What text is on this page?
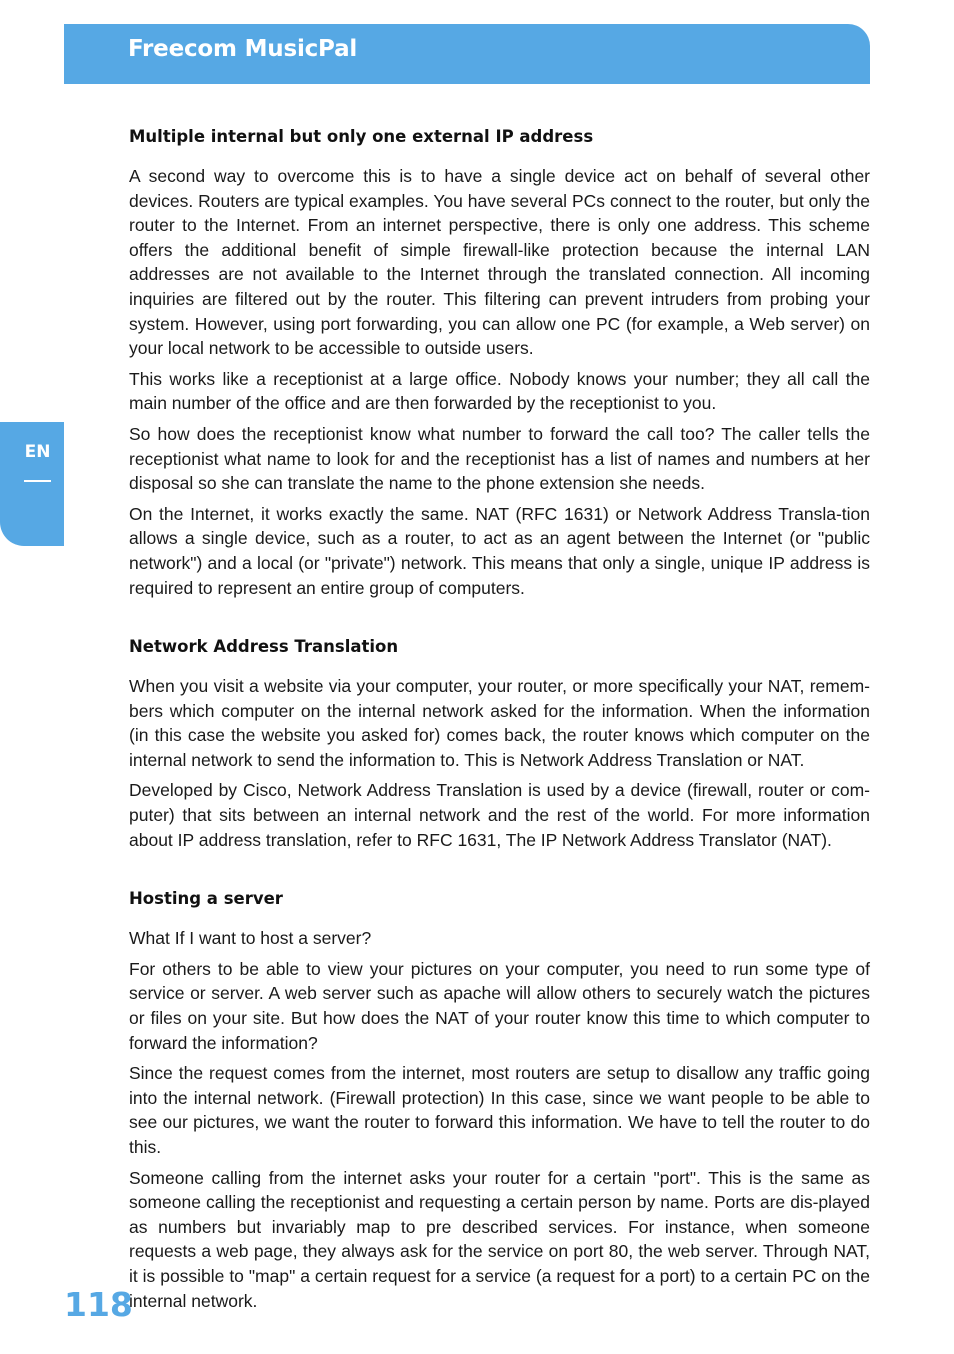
Freecom MusicPal
EN
Multiple internal but only one external IP address

A second way to overcome this is to have a single device act on behalf of several other devices. Routers are typical examples. You have several PCs connect to the router, but only the router to the Internet. From an internet perspective, there is only one address. This scheme offers the additional benefit of simple firewall-like protection because the internal LAN addresses are not available to the Internet through the translated connection. All incoming inquiries are filtered out by the router. This filtering can prevent intruders from probing your system. However, using port forwarding, you can allow one PC (for example, a Web server) on your local network to be accessible to outside users.

This works like a receptionist at a large office. Nobody knows your number; they all call the main number of the office and are then forwarded by the receptionist to you.

So how does the receptionist know what number to forward the call too? The caller tells the receptionist what name to look for and the receptionist has a list of names and numbers at her disposal so she can translate the name to the phone extension she needs.

On the Internet, it works exactly the same. NAT (RFC 1631) or Network Address Transla-tion allows a single device, such as a router, to act as an agent between the Internet (or "public network") and a local (or "private") network. This means that only a single, unique IP address is required to represent an entire group of computers.

Network Address Translation

When you visit a website via your computer, your router, or more specifically your NAT, remem-bers which computer on the internal network asked for the information. When the information (in this case the website you asked for) comes back, the router knows which computer on the internal network to send the information to. This is Network Address Translation or NAT.

Developed by Cisco, Network Address Translation is used by a device (firewall, router or com-puter) that sits between an internal network and the rest of the world. For more information about IP address translation, refer to RFC 1631, The IP Network Address Translator (NAT).

Hosting a server

What If I want to host a server?

For others to be able to view your pictures on your computer, you need to run some type of service or server. A web server such as apache will allow others to securely watch the pictures or files on your site. But how does the NAT of your router know this time to which computer to forward the information?

Since the request comes from the internet, most routers are setup to disallow any traffic going into the internal network. (Firewall protection) In this case, since we want people to be able to see our pictures, we want the router to forward this information. We have to tell the router to do this.

Someone calling from the internet asks your router for a certain "port". This is the same as someone calling the receptionist and requesting a certain person by name. Ports are dis-played as numbers but invariably map to pre described services. For instance, when someone requests a web page, they always ask for the service on port 80, the web server. Through NAT, it is possible to "map" a certain request for a service (a request for a port) to a certain PC on the internal network.

118
